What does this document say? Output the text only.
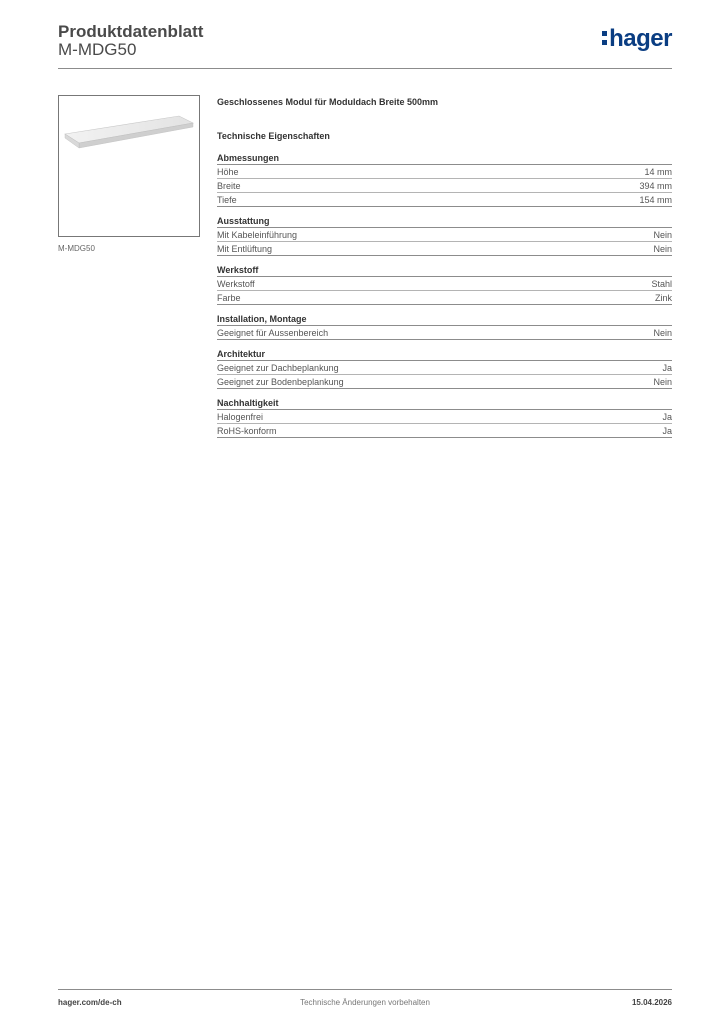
Produktdatenblatt
M-MDG50	hager
M-MDG50
Geschlossenes Modul für Moduldach Breite 500mm
Technische Eigenschaften
Abmessungen
Höhe	14 mm
Breite	394 mm
Tiefe	154 mm
Ausstattung
Mit Kabeleinführung	Nein
Mit Entlüftung	Nein
Werkstoff
Werkstoff	Stahl
Farbe	Zink
Installation, Montage
Geeignet für Aussenbereich	Nein
Architektur
Geeignet zur Dachbeplankung	Ja
Geeignet zur Bodenbeplankung	Nein
Nachhaltigkeit
Halogenfrei	Ja
RoHS-konform	Ja
hager.com/de-ch	Technische Änderungen vorbehalten	15.04.2026
